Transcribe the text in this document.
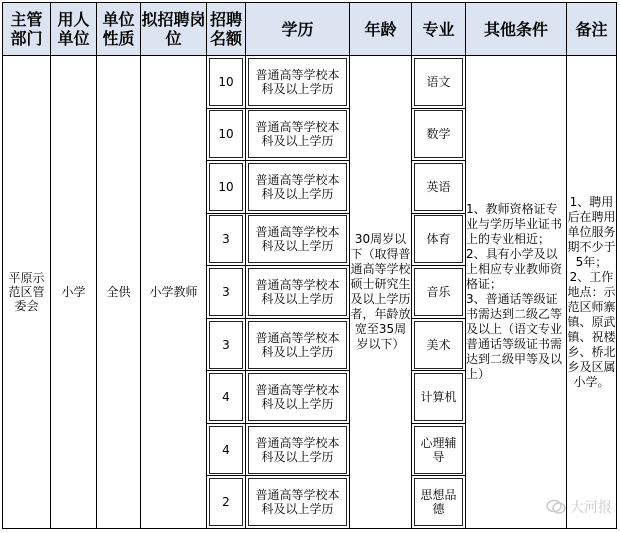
主管部门	用人单位	单位性质	拟招聘岗位	招聘名额	学历	年龄	专业	其他条件	备注
平原示范区管委会	小学	全供	小学教师	10	普通高等学校本科及以上学历	30周岁以下（取得普通高等学校硕士研究生及以上学历者，年龄放宽至35周岁以下）	语文	1、教师资格证专业与学历毕业证书上的专业相近；
2、具有小学及以上相应专业教师资格证；
3、普通话等级证书需达到二级乙等及以上（语文专业普通话等级证书需达到二级甲等及以上）	1、聘用后在聘用单位服务期不少于5年；2、工作地点：示范区师寨镇、原武镇、祝楼乡、桥北乡及区属小学。

10	普通高等学校本科及以上学历		数学		

10	普通高等学校本科及以上学历		英语		

3	普通高等学校本科及以上学历		体育		

3	普通高等学校本科及以上学历		音乐		

3	普通高等学校本科及以上学历		美术		

4	普通高等学校本科及以上学历		计算机		

4	普通高等学校本科及以上学历		心理辅导		

2	普通高等学校本科及以上学历		思想品德			大河报
